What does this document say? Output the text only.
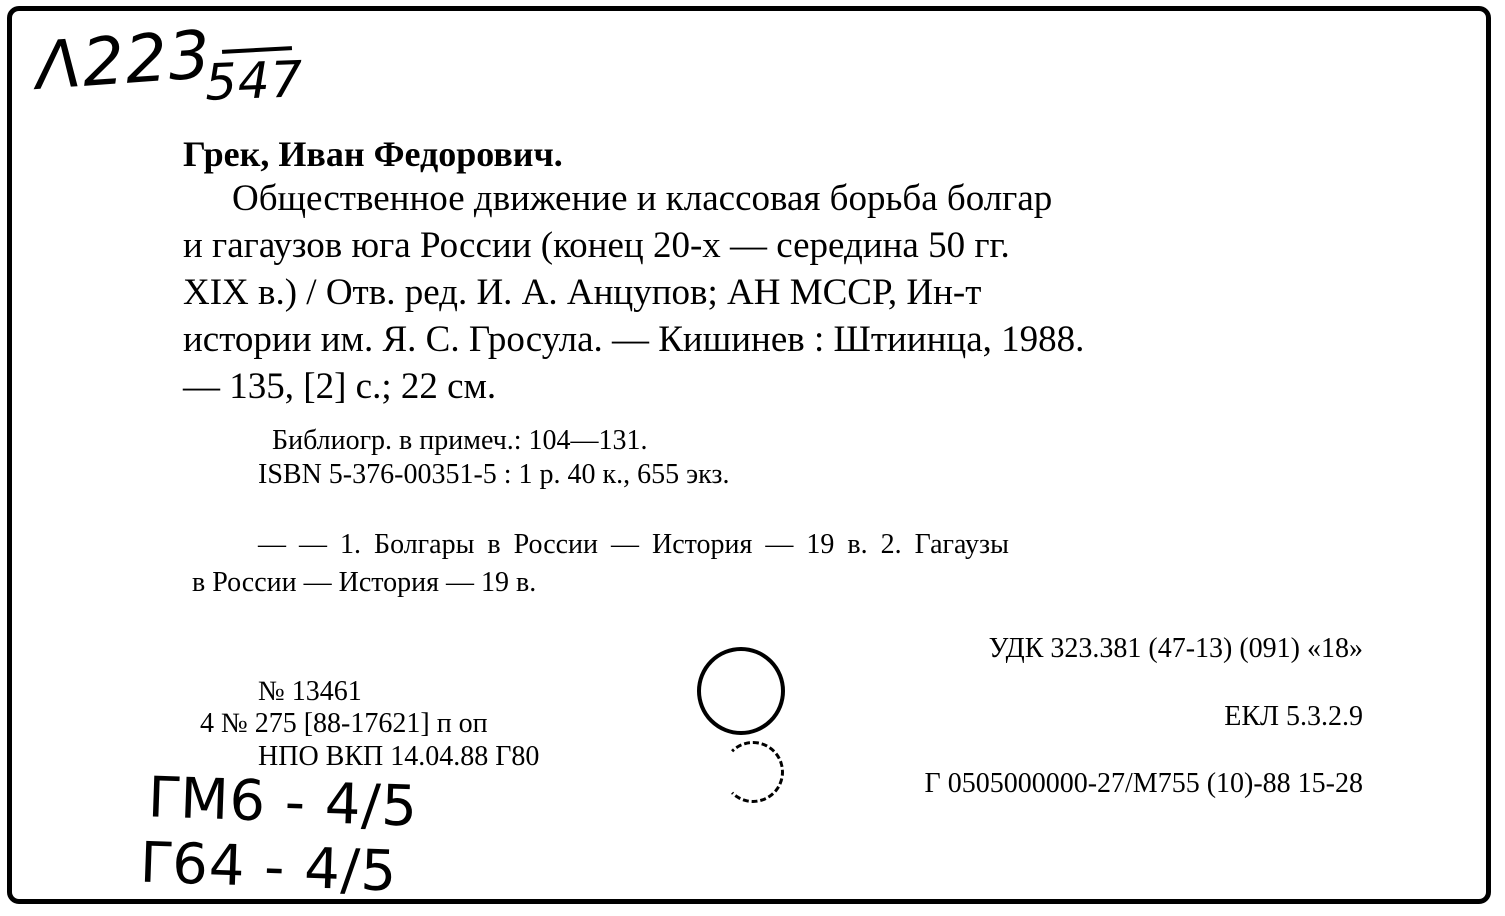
Λ223
547
Грек, Иван Федорович.
Общественное движение и классовая борьба болгар
и гагаузов юга России (конец 20-х — середина 50 гг.
XIX в.) / Отв. ред. И. А. Анцупов; АН МССР, Ин-т
истории им. Я. С. Гросула. — Кишинев : Штиинца, 1988.
— 135, [2] с.; 22 см.
Библиогр. в примеч.: 104—131.
ISBN 5-376-00351-5 : 1 р. 40 к., 655 экз.
— — 1. Болгары в России — История — 19 в. 2. Гагаузы
в России — История — 19 в.
№ 13461
4 № 275 [88-17621] п оп
НПО ВКП 14.04.88 Г80
ΓМ6 - 4/5
Γ64 - 4/5
УДК 323.381 (47-13) (091) «18»
ЕКЛ 5.3.2.9
Г 0505000000-27/М755 (10)-88 15-28
